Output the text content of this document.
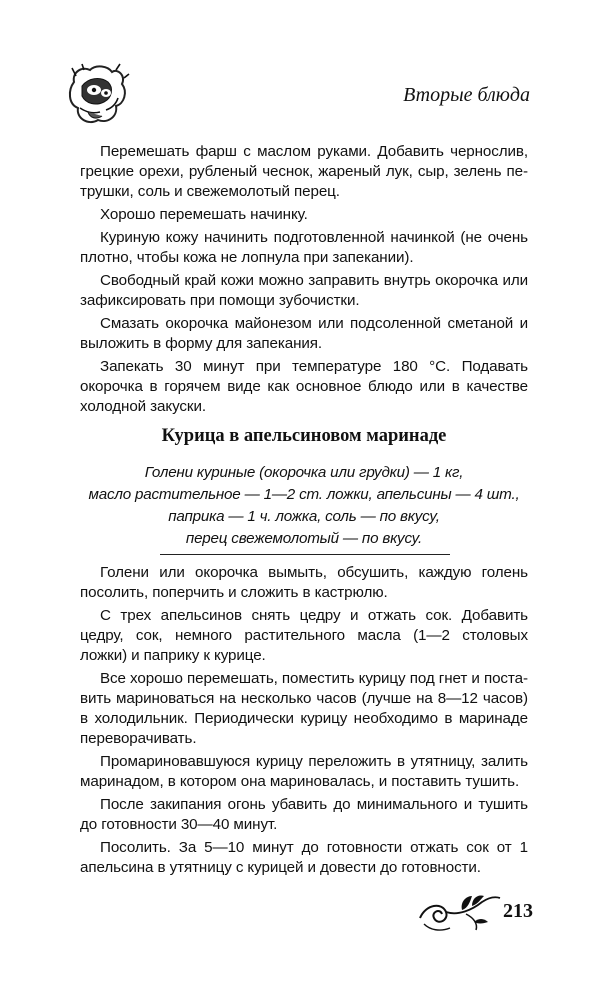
Вторые блюда

Перемешать фарш с маслом руками. Добавить чернослив, грецкие орехи, рубленый чеснок, жареный лук, сыр, зелень петрушки, соль и свежемолотый перец.

Хорошо перемешать начинку.

Куриную кожу начинить подготовленной начинкой (не очень плотно, чтобы кожа не лопнула при запекании).

Свободный край кожи можно заправить внутрь окорочка или зафиксировать при помощи зубочистки.

Смазать окорочка майонезом или подсоленной сметаной и выложить в форму для запекания.

Запекать 30 минут при температуре 180 °С. Подавать окорочка в горячем виде как основное блюдо или в качестве холодной закуски.

Курица в апельсиновом маринаде
Голени куриные (окорочка или грудки) — 1 кг,
масло растительное — 1—2 ст. ложки, апельсины — 4 шт.,
паприка — 1 ч. ложка, соль — по вкусу,
перец свежемолотый — по вкусу.

Голени или окорочка вымыть, обсушить, каждую голень посолить, поперчить и сложить в кастрюлю.

С трех апельсинов снять цедру и отжать сок. Добавить цедру, сок, немного растительного масла (1—2 столовых ложки) и паприку к курице.

Все хорошо перемешать, поместить курицу под гнет и поставить мариноваться на несколько часов (лучше на 8—12 часов) в холодильник. Периодически курицу необходимо в маринаде переворачивать.

Промариновавшуюся курицу переложить в утятницу, залить маринадом, в котором она мариновалась, и поставить тушить.

После закипания огонь убавить до минимального и тушить до готовности 30—40 минут.

Посолить. За 5—10 минут до готовности отжать сок от 1 апельсина в утятницу с курицей и довести до готовности.

213
